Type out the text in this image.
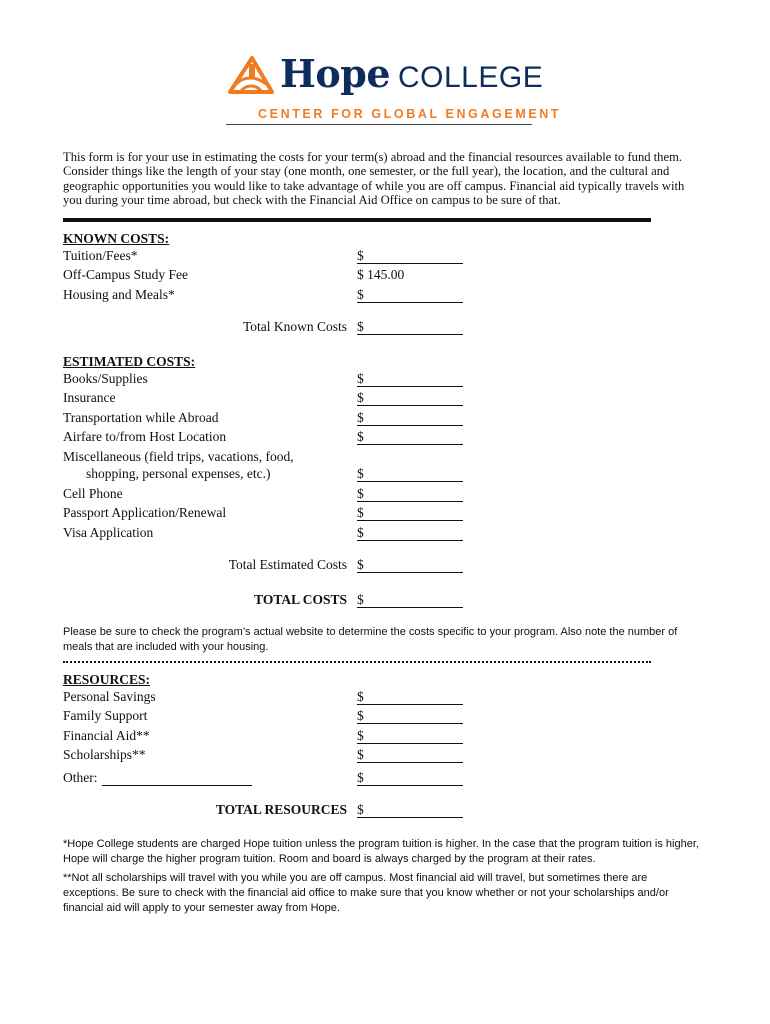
Hope COLLEGE
CENTER FOR GLOBAL ENGAGEMENT
This form is for your use in estimating the costs for your term(s) abroad and the financial resources available to fund them. Consider things like the length of your stay (one month, one semester, or the full year), the location, and the cultural and geographic opportunities you would like to take advantage of while you are off campus. Financial aid typically travels with you during your time abroad, but check with the Financial Aid Office on campus to be sure of that.
KNOWN COSTS:
Tuition/Fees*	$
Off-Campus Study Fee	$ 145.00
Housing and Meals*	$
Total Known Costs $
ESTIMATED COSTS:
Books/Supplies	$
Insurance	$
Transportation while Abroad	$
Airfare to/from Host Location	$
Miscellaneous (field trips, vacations, food,
shopping, personal expenses, etc.)	$
Cell Phone	$
Passport Application/Renewal	$
Visa Application	$
Total Estimated Costs $
TOTAL COSTS $
Please be sure to check the program’s actual website to determine the costs specific to your program. Also note the number of meals that are included with your housing.
RESOURCES:
Personal Savings	$
Family Support	$
Financial Aid**	$
Scholarships**	$
Other:	$
TOTAL RESOURCES $
*Hope College students are charged Hope tuition unless the program tuition is higher. In the case that the program tuition is higher, Hope will charge the higher program tuition. Room and board is always charged by the program at their rates.
**Not all scholarships will travel with you while you are off campus. Most financial aid will travel, but sometimes there are exceptions. Be sure to check with the financial aid office to make sure that you know whether or not your scholarships and/or financial aid will apply to your semester away from Hope.
